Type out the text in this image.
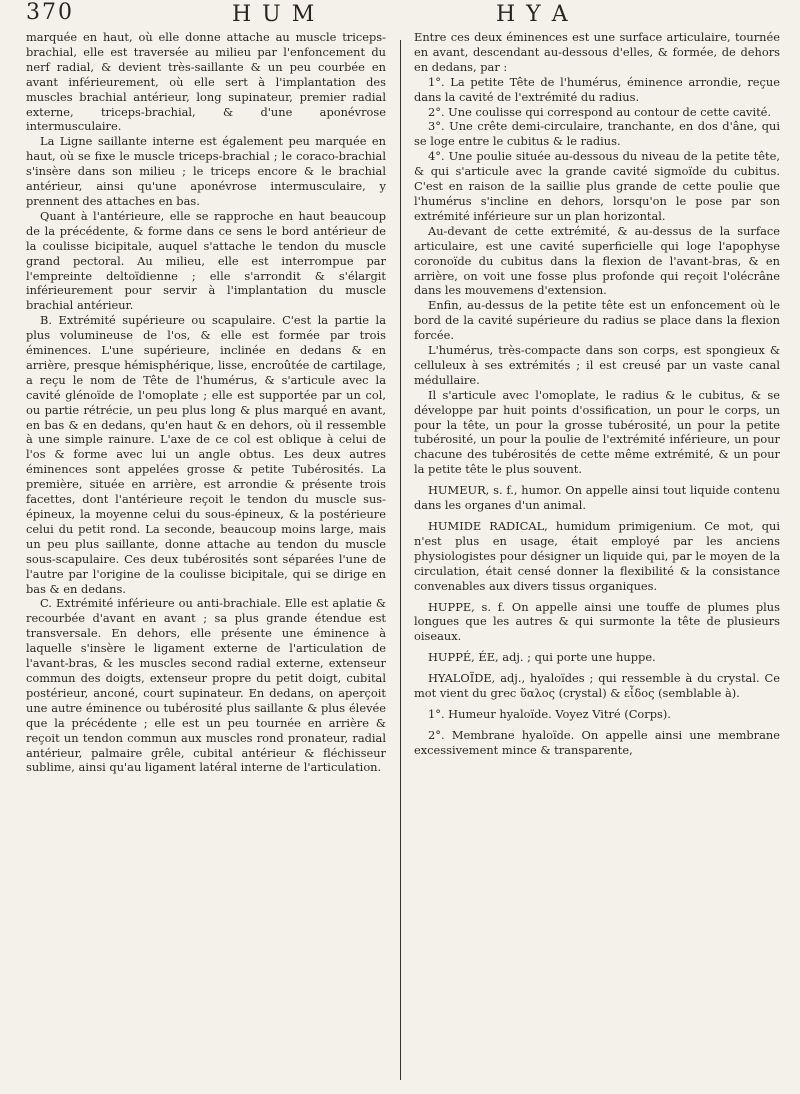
370	H U M	H Y A

marquée en haut, où elle donne attache au muscle triceps-brachial, elle est traversée au milieu par l'enfoncement du nerf radial, & devient très-saillante & un peu courbée en avant inférieurement, où elle sert à l'implantation des muscles brachial antérieur, long supinateur, premier radial externe, triceps-brachial, & d'une aponévrose intermusculaire.

La Ligne saillante interne est également peu marquée en haut, où se fixe le muscle triceps-brachial ; le coraco-brachial s'insère dans son milieu ; le triceps encore & le brachial antérieur, ainsi qu'une aponévrose intermusculaire, y prennent des attaches en bas.

Quant à l'antérieure, elle se rapproche en haut beaucoup de la précédente, & forme dans ce sens le bord antérieur de la coulisse bicipitale, auquel s'attache le tendon du muscle grand pectoral. Au milieu, elle est interrompue par l'empreinte deltoïdienne ; elle s'arrondit & s'élargit inférieurement pour servir à l'implantation du muscle brachial antérieur.

B. Extrémité supérieure ou scapulaire. C'est la partie la plus volumineuse de l'os, & elle est formée par trois éminences. L'une supérieure, inclinée en dedans & en arrière, presque hémisphérique, lisse, encroûtée de cartilage, a reçu le nom de Tête de l'humérus, & s'articule avec la cavité glénoïde de l'omoplate ; elle est supportée par un col, ou partie rétrécie, un peu plus long & plus marqué en avant, en bas & en dedans, qu'en haut & en dehors, où il ressemble à une simple rainure. L'axe de ce col est oblique à celui de l'os & forme avec lui un angle obtus. Les deux autres éminences sont appelées grosse & petite Tubérosités. La première, située en arrière, est arrondie & présente trois facettes, dont l'antérieure reçoit le tendon du muscle sus-épineux, la moyenne celui du sous-épineux, & la postérieure celui du petit rond. La seconde, beaucoup moins large, mais un peu plus saillante, donne attache au tendon du muscle sous-scapulaire. Ces deux tubérosités sont séparées l'une de l'autre par l'origine de la coulisse bicipitale, qui se dirige en bas & en dedans.

C. Extrémité inférieure ou anti-brachiale. Elle est aplatie & recourbée d'avant en avant ; sa plus grande étendue est transversale. En dehors, elle présente une éminence à laquelle s'insère le ligament externe de l'articulation de l'avant-bras, & les muscles second radial externe, extenseur commun des doigts, extenseur propre du petit doigt, cubital postérieur, anconé, court supinateur. En dedans, on aperçoit une autre éminence ou tubérosité plus saillante & plus élevée que la précédente ; elle est un peu tournée en arrière & reçoit un tendon commun aux muscles rond pronateur, radial antérieur, palmaire grêle, cubital antérieur & fléchisseur sublime, ainsi qu'au ligament latéral interne de l'articulation.

Entre ces deux éminences est une surface articulaire, tournée en avant, descendant au-dessous d'elles, & formée, de dehors en dedans, par :

1°. La petite Tête de l'humérus, éminence arrondie, reçue dans la cavité de l'extrémité du radius.

2°. Une coulisse qui correspond au contour de cette cavité.

3°. Une crête demi-circulaire, tranchante, en dos d'âne, qui se loge entre le cubitus & le radius.

4°. Une poulie située au-dessous du niveau de la petite tête, & qui s'articule avec la grande cavité sigmoïde du cubitus. C'est en raison de la saillie plus grande de cette poulie que l'humérus s'incline en dehors, lorsqu'on le pose par son extrémité inférieure sur un plan horizontal.

Au-devant de cette extrémité, & au-dessus de la surface articulaire, est une cavité superficielle qui loge l'apophyse coronoïde du cubitus dans la flexion de l'avant-bras, & en arrière, on voit une fosse plus profonde qui reçoit l'olécrâne dans les mouvemens d'extension.

Enfin, au-dessus de la petite tête est un enfoncement où le bord de la cavité supérieure du radius se place dans la flexion forcée.

L'humérus, très-compacte dans son corps, est spongieux & celluleux à ses extrémités ; il est creusé par un vaste canal médullaire.

Il s'articule avec l'omoplate, le radius & le cubitus, & se développe par huit points d'ossification, un pour le corps, un pour la tête, un pour la grosse tubérosité, un pour la petite tubérosité, un pour la poulie de l'extrémité inférieure, un pour chacune des tubérosités de cette même extrémité, & un pour la petite tête le plus souvent.

HUMEUR, s. f., humor. On appelle ainsi tout liquide contenu dans les organes d'un animal.

HUMIDE RADICAL, humidum primigenium. Ce mot, qui n'est plus en usage, était employé par les anciens physiologistes pour désigner un liquide qui, par le moyen de la circulation, était censé donner la flexibilité & la consistance convenables aux divers tissus organiques.

HUPPE, s. f. On appelle ainsi une touffe de plumes plus longues que les autres & qui surmonte la tête de plusieurs oiseaux.

HUPPÉ, ÉE, adj. ; qui porte une huppe.

HYALOÏDE, adj., hyaloïdes ; qui ressemble à du crystal. Ce mot vient du grec ὕαλος (crystal) & εἶδος (semblable à).

1°. Humeur hyaloïde. Voyez Vitré (Corps).

2°. Membrane hyaloïde. On appelle ainsi une membrane excessivement mince & transparente,
